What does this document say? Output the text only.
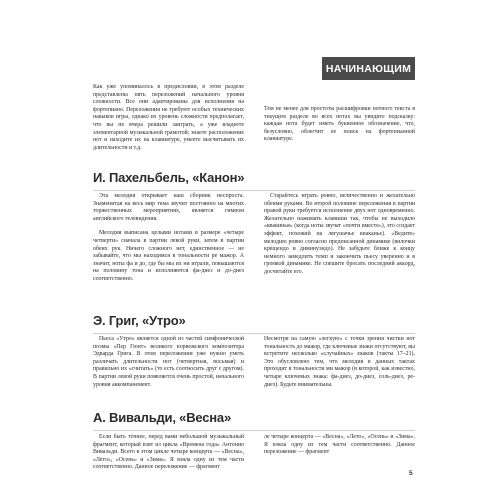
НАЧИНАЮЩИМ

Как уже упоминалось в предисловии, в этом разделе представлены пять переложений начального уровня сложности. Все они адаптированы для исполнения на фортепиано. Переложения не требуют особых технических навыков игры, однако их уровень сложности предполагает, что вы не вчера решили заиграть, а уже владеете элементарной музыкальной грамотой; знаете расположение нот и находите их на клавиатуре, умеете высчитывать их длительности и т.д.

Тем не менее для простоты расшифровки нотного текста в текущем разделе во всех нотах вы увидите подсказку: каждая нота будет иметь буквенное обозначение, что, безусловно, облегчит ее поиск на фортепианной клавиатуре.

И. Пахельбель, «Канон»

Эта мелодия открывает наш сборник неспроста. Знаменитая на весь мир тема звучит постоянно на многих торжественных мероприятиях, является гимном английского телевидения.

Мелодия выписана целыми нотами в размере «четыре четверти» сначала в партии левой руки, затем в партии обеих рук. Ничего сложного нет, единственное — не забывайте, что мы находимся в тональности ре мажор. А значит, ноты фа и до, где бы мы их ни играли, повышаются на половину тона и исполняются фа-диез и до-диез соответственно.

Старайтесь играть ровно, величественно и желательно обеими руками. Во второй половине переложения в партии правой руки требуется исполнение двух нот одновременно. Желательно нажимать клавиши так, чтобы не выходило «квакинья» (когда ноты звучат «почти вместе»), это создает эффект, похожий на лягушачье кваканье). «Ведите» мелодию ровно согласно предписанной динамике (вилочки крещендо и диминуэндо). Не забудьте ближе к концу немного замедлить темп и закончить пьесу уверенно и в громкой динамике. Не спешите бросать последний аккорд, досчитайте его.

Э. Григ, «Утро»

Пьеса «Утро» является одной из частей симфонической поэмы «Пер Гюнт» великого норвежского композитора Эдварда Грига. В этом переложении уже нужно уметь различать длительности нот (четвертная, восьмая) и правильно их «считать» (то есть соотносить друг с другом). В партии левой руки появляется очень простой, начального уровня аккомпанемент.

Несмотря на самую «легкую» с точки зрения чистки нот тональность до мажор, где ключевые знаки отсутствуют, вы встретите несколько «случайных» знаков (такты 17–21). Это обусловлено тем, что мелодия в данных тактах проходит в тональности ми мажор (в которой, как известно, четыре ключевых знака: фа-диез, до-диез, соль-диез, ре-диез). Будьте внимательны.

А. Вивальди, «Весна»

Если быть точнее, перед вами небольшой музыкальный фрагмент, который взят из цикла «Времена года» Антонио Вивальди. Всего в этом цикле четыре концерта — «Весна», «Лето», «Осень» и «Зима». Я взяла одну из тем части соответственно. Данное переложение — фрагмент

ле четыре концерта — «Весна», «Лето», «Осень» и «Зима». Я взяла одну из тем части соответственно. Данное переложение — фрагмент

5
